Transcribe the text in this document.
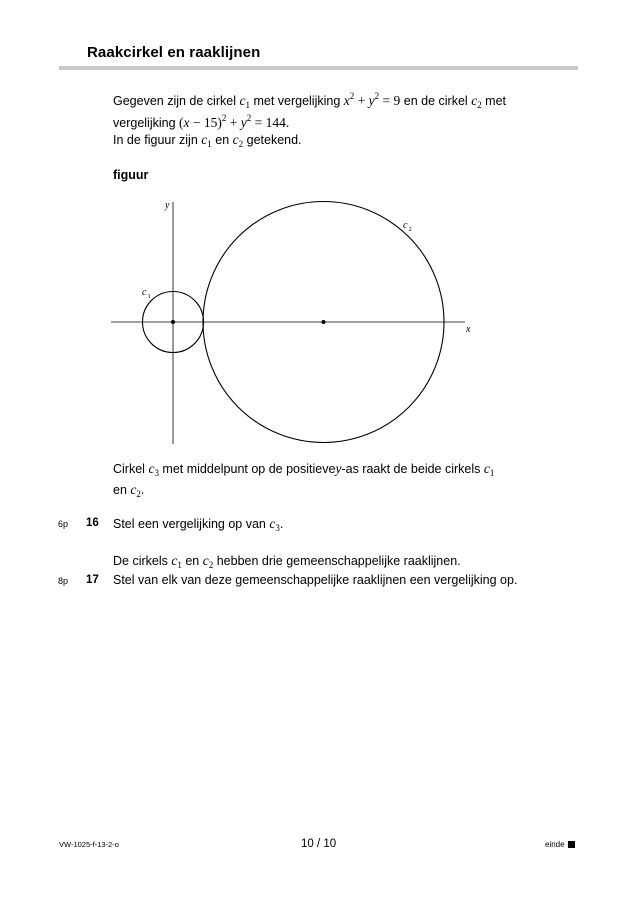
Raakcirkel en raaklijnen
Gegeven zijn de cirkel $c_1$ met vergelijking $x^2 + y^2 = 9$ en de cirkel $c_2$ met
vergelijking $(x - 15)^2 + y^2 = 144$.
In de figuur zijn $c_1$ en $c_2$ getekend.
figuur
x
y
c 1
c 2
Cirkel $c_3$ met middelpunt op de positievey-as raakt de beide cirkels $c_1$
en $c_2$.
6p 16 Stel een vergelijking op van $c_3$.
De cirkels $c_1$ en $c_2$ hebben drie gemeenschappelijke raaklijnen.
8p 17 Stel van elk van deze gemeenschappelijke raaklijnen een vergelijking op.
VW-1025-f-13-2-o	10 / 10	einde
